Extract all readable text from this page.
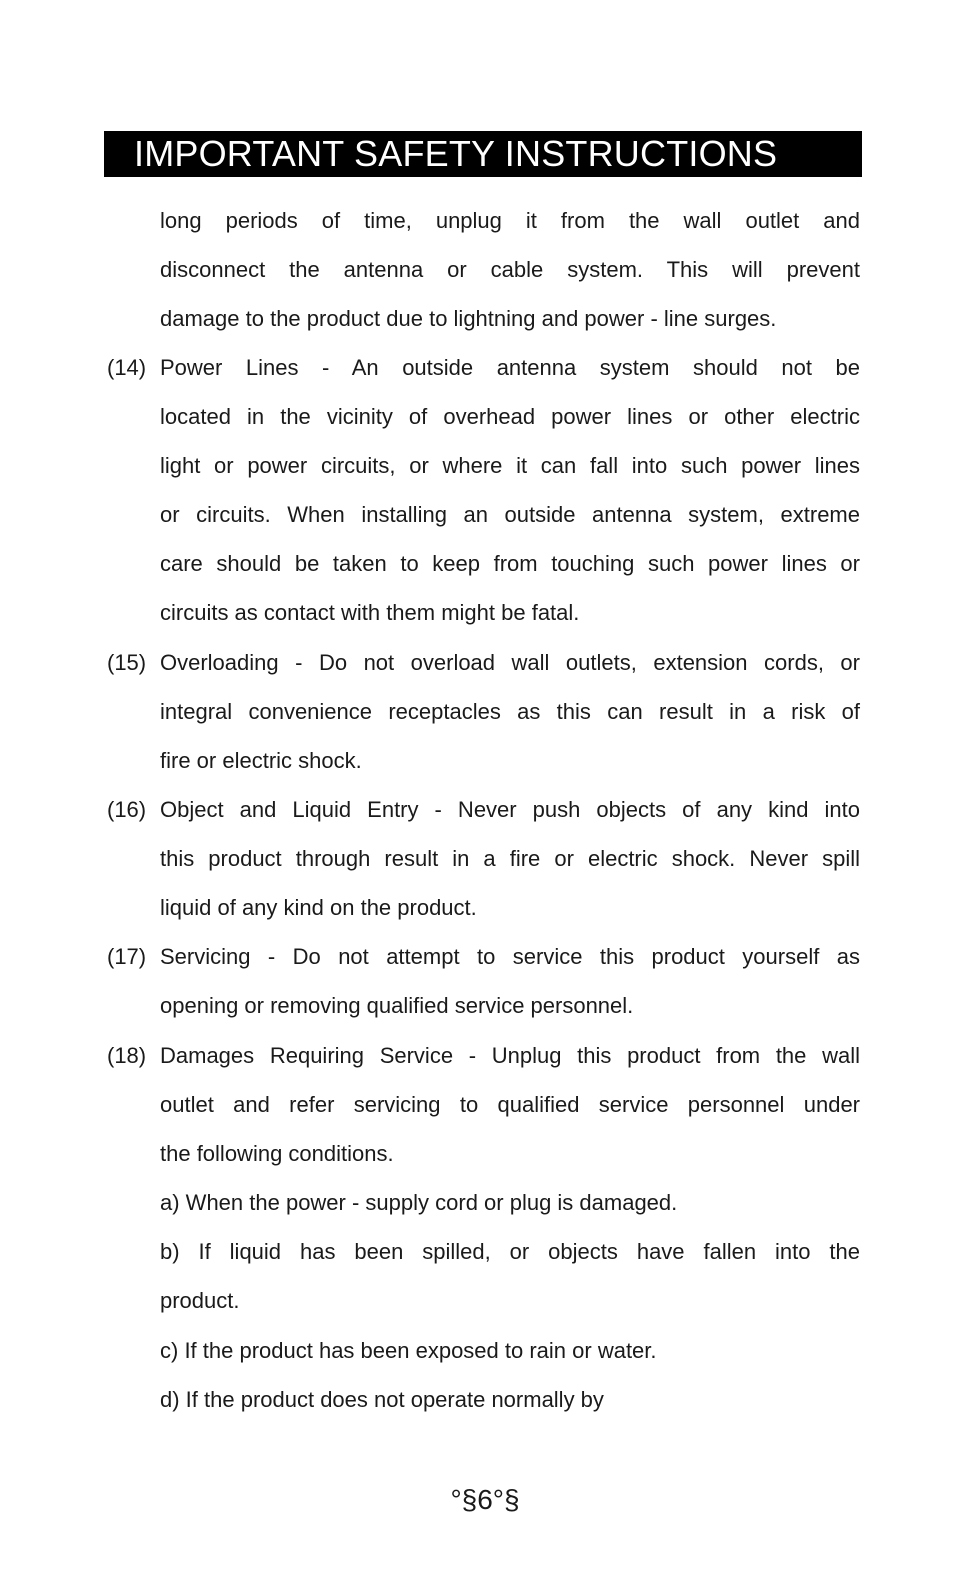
IMPORTANT SAFETY INSTRUCTIONS
long periods of time, unplug it from the wall outlet and
disconnect the antenna or cable system. This will prevent
damage to the product due to lightning and power - line surges.
(14) Power Lines - An outside antenna system should not be
located in the vicinity of overhead power lines or other electric
light or power circuits, or where it can fall into such power lines
or circuits. When installing an outside antenna system, extreme
care should be taken to keep from touching such power lines or
circuits as contact with them might be fatal.
(15) Overloading - Do not overload wall outlets, extension cords, or
integral convenience receptacles as this can result in a risk of
fire or electric shock.
(16) Object and Liquid Entry - Never push objects of any kind into
this product through result in a fire or electric shock. Never spill
liquid of any kind on the product.
(17) Servicing - Do not attempt to service this product yourself as
opening or removing qualified service personnel.
(18) Damages Requiring Service - Unplug this product from the wall
outlet and refer servicing to qualified service personnel under
the following conditions.
a) When the power - supply cord or plug is damaged.
b) If liquid has been spilled, or objects have fallen into the
product.
c) If the product has been exposed to rain or water.
d) If the product does not operate normally by
°§6°§
